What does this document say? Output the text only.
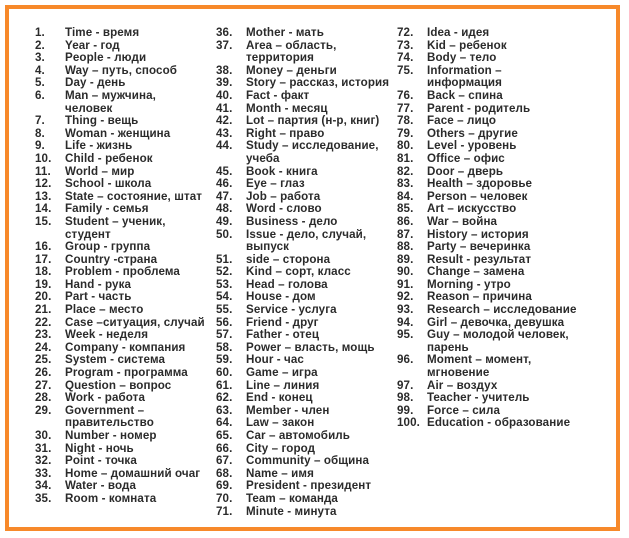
1.	Time - время
2.	Year - год
3.	People - люди
4.	Way – путь, способ
5.	Day - день
6.	Man – мужчина,
человек
7.	Thing - вещь
8.	Woman - женщина
9.	Life - жизнь
10.	Child - ребенок
11.	World – мир
12.	School - школа
13.	State – состояние, штат
14.	Family - семья
15.	Student – ученик,
студент
16.	Group - группа
17.	Country -страна
18.	Problem - проблема
19.	Hand - рука
20.	Part - часть
21.	Place – место
22.	Case –ситуация, случай
23.	Week - неделя
24.	Company - компания
25.	System - система
26.	Program - программа
27.	Question – вопрос
28.	Work - работа
29.	Government –
правительство
30.	Number - номер
31.	Night - ночь
32.	Point - точка
33.	Home – домашний очаг
34.	Water - вода
35.	Room - комната
36.	Mother - мать
37.	Area – область,
территория
38.	Money – деньги
39.	Story – рассказ, история
40.	Fact - факт
41.	Month - месяц
42.	Lot – партия (н-р, книг)
43.	Right – право
44.	Study – исследование,
учеба
45.	Book - книга
46.	Eye – глаз
47.	Job – работа
48.	Word - слово
49.	Business - дело
50.	Issue - дело, случай,
выпуск
51.	side – сторона
52.	Kind – сорт, класс
53.	Head – голова
54.	House - дом
55.	Service - услуга
56.	Friend - друг
57.	Father - отец
58.	Power – власть, мощь
59.	Hour - час
60.	Game – игра
61.	Line – линия
62.	End - конец
63.	Member - член
64.	Law – закон
65.	Car – автомобиль
66.	City – город
67.	Community – община
68.	Name – имя
69.	President - президент
70.	Team – команда
71.	Minute - минута
72.	Idea - идея
73.	Kid – ребенок
74.	Body – тело
75.	Information –
информация
76.	Back – спина
77.	Parent - родитель
78.	Face – лицо
79.	Others – другие
80.	Level - уровень
81.	Office – офис
82.	Door – дверь
83.	Health – здоровье
84.	Person – человек
85.	Art – искусство
86.	War – война
87.	History – история
88.	Party – вечеринка
89.	Result - результат
90.	Change – замена
91.	Morning - утро
92.	Reason – причина
93.	Research – исследование
94.	Girl – девочка, девушка
95.	Guy – молодой человек,
парень
96.	Moment – момент,
мгновение
97.	Air – воздух
98.	Teacher - учитель
99.	Force – сила
100. Education - образование
